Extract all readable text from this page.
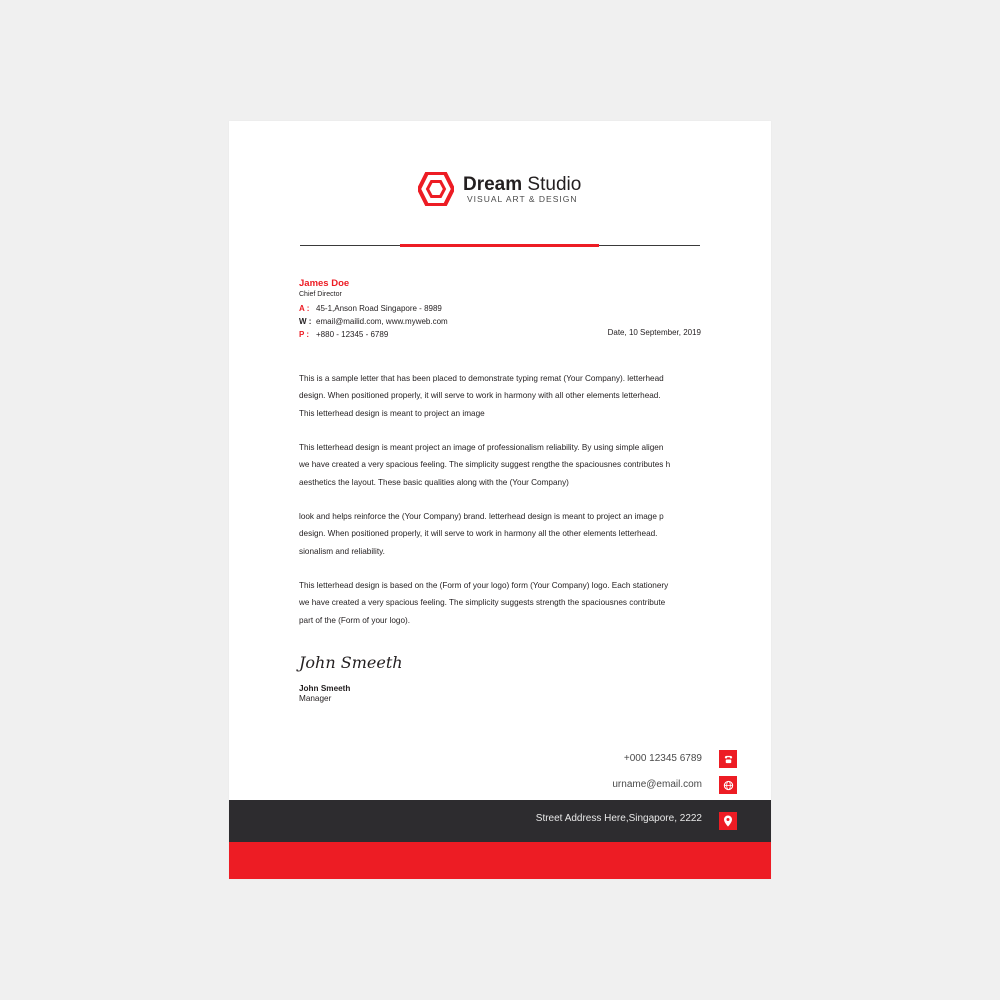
Dream Studio
VISUAL ART & DESIGN
James Doe
Chief Director
A : 45-1,Anson Road Singapore - 8989
W : email@mailid.com, www.myweb.com
P : +880 - 12345 - 6789	Date, 10 September, 2019

This is a sample letter that has been placed to demonstrate typing remat (Your Company). letterhead
design. When positioned properly, it will serve to work in harmony with all other elements letterhead.
This letterhead design is meant to project an image

This letterhead design is meant project an image of professionalism reliability. By using simple aligen
we have created a very spacious feeling. The simplicity suggest rengthe the spaciousnes contributes h
aesthetics the layout. These basic qualities along with the (Your Company)

look and helps reinforce the (Your Company) brand. letterhead design is meant to project an image p
design. When positioned properly, it will serve to work in harmony all the other elements letterhead.
sionalism and reliability.

This letterhead design is based on the (Form of your logo) form (Your Company) logo. Each stationery
we have created a very spacious feeling. The simplicity suggests strength the spaciousnes contribute
part of the (Form of your logo).

John Smeeth
John Smeeth
Manager
+000 12345 6789
urname@email.com
Street Address Here,Singapore, 2222
